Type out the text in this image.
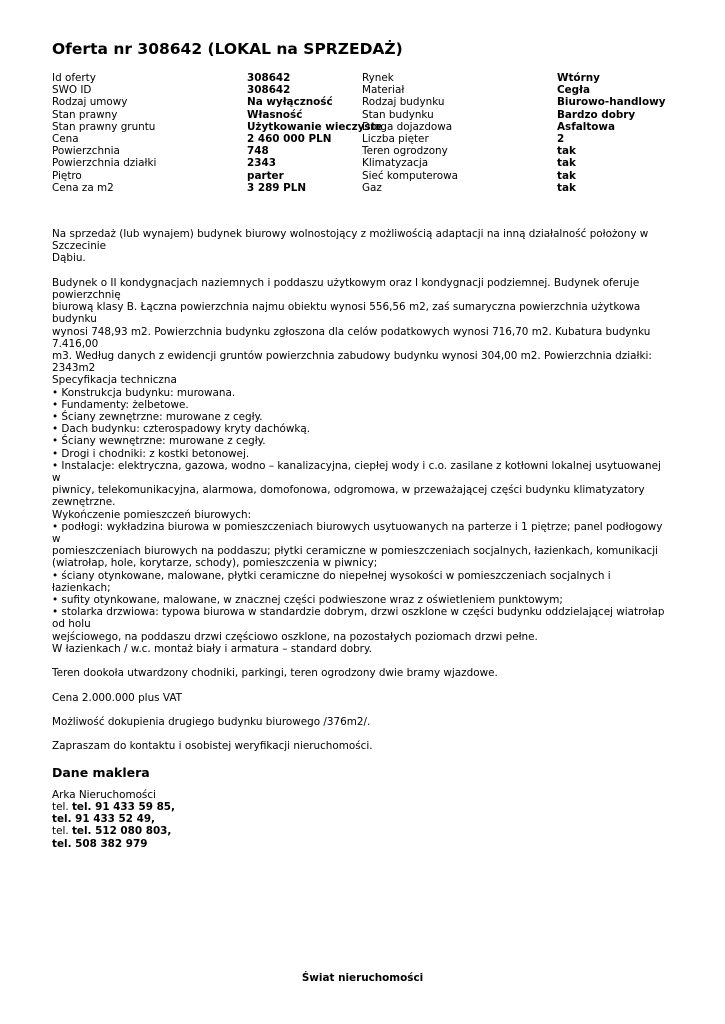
Oferta nr 308642 (LOKAL na SPRZEDAŻ)
Id oferty
SWO ID
Rodzaj umowy
Stan prawny
Stan prawny gruntu
Cena
Powierzchnia
Powierzchnia działki
Piętro
Cena za m2
308642
308642
Na wyłączność
Własność
Użytkowanie wieczyste
2 460 000 PLN
748
2343
parter
3 289 PLN
Rynek
Materiał
Rodzaj budynku
Stan budynku
Droga dojazdowa
Liczba pięter
Teren ogrodzony
Klimatyzacja
Sieć komputerowa
Gaz
Wtórny
Cegła
Biurowo-handlowy
Bardzo dobry
Asfaltowa
2
tak
tak
tak
tak

Na sprzedaż (lub wynajem) budynek biurowy wolnostojący z możliwością adaptacji na inną działalność położony w Szczecinie
Dąbiu.

Budynek o II kondygnacjach naziemnych i poddaszu użytkowym oraz I kondygnacji podziemnej. Budynek oferuje powierzchnię
biurową klasy B. Łączna powierzchnia najmu obiektu wynosi 556,56 m2, zaś sumaryczna powierzchnia użytkowa budynku
wynosi 748,93 m2. Powierzchnia budynku zgłoszona dla celów podatkowych wynosi 716,70 m2. Kubatura budynku 7.416,00
m3. Według danych z ewidencji gruntów powierzchnia zabudowy budynku wynosi 304,00 m2. Powierzchnia działki: 2343m2
Specyfikacja techniczna
• Konstrukcja budynku: murowana.
• Fundamenty: żelbetowe.
• Ściany zewnętrzne: murowane z cegły.
• Dach budynku: czterospadowy kryty dachówką.
• Ściany wewnętrzne: murowane z cegły.
• Drogi i chodniki: z kostki betonowej.
• Instalacje: elektryczna, gazowa, wodno – kanalizacyjna, ciepłej wody i c.o. zasilane z kotłowni lokalnej usytuowanej w
piwnicy, telekomunikacyjna, alarmowa, domofonowa, odgromowa, w przeważającej części budynku klimatyzatory zewnętrzne.
Wykończenie pomieszczeń biurowych:
• podłogi: wykładzina biurowa w pomieszczeniach biurowych usytuowanych na parterze i 1 piętrze; panel podłogowy w
pomieszczeniach biurowych na poddaszu; płytki ceramiczne w pomieszczeniach socjalnych, łazienkach, komunikacji
(wiatrołap, hole, korytarze, schody), pomieszczenia w piwnicy;
• ściany otynkowane, malowane, płytki ceramiczne do niepełnej wysokości w pomieszczeniach socjalnych i łazienkach;
• sufity otynkowane, malowane, w znacznej części podwieszone wraz z oświetleniem punktowym;
• stolarka drzwiowa: typowa biurowa w standardzie dobrym, drzwi oszklone w części budynku oddzielającej wiatrołap od holu
wejściowego, na poddaszu drzwi częściowo oszklone, na pozostałych poziomach drzwi pełne.
W łazienkach / w.c. montaż biały i armatura – standard dobry.

Teren dookoła utwardzony chodniki, parkingi, teren ogrodzony dwie bramy wjazdowe.

Cena 2.000.000 plus VAT

Możliwość dokupienia drugiego budynku biurowego /376m2/.

Zapraszam do kontaktu i osobistej weryfikacji nieruchomości.

Dane maklera
Arka Nieruchomości
tel. tel. 91 433 59 85,
tel. 91 433 52 49,
tel. tel. 512 080 803,
tel. 508 382 979
Świat nieruchomości
